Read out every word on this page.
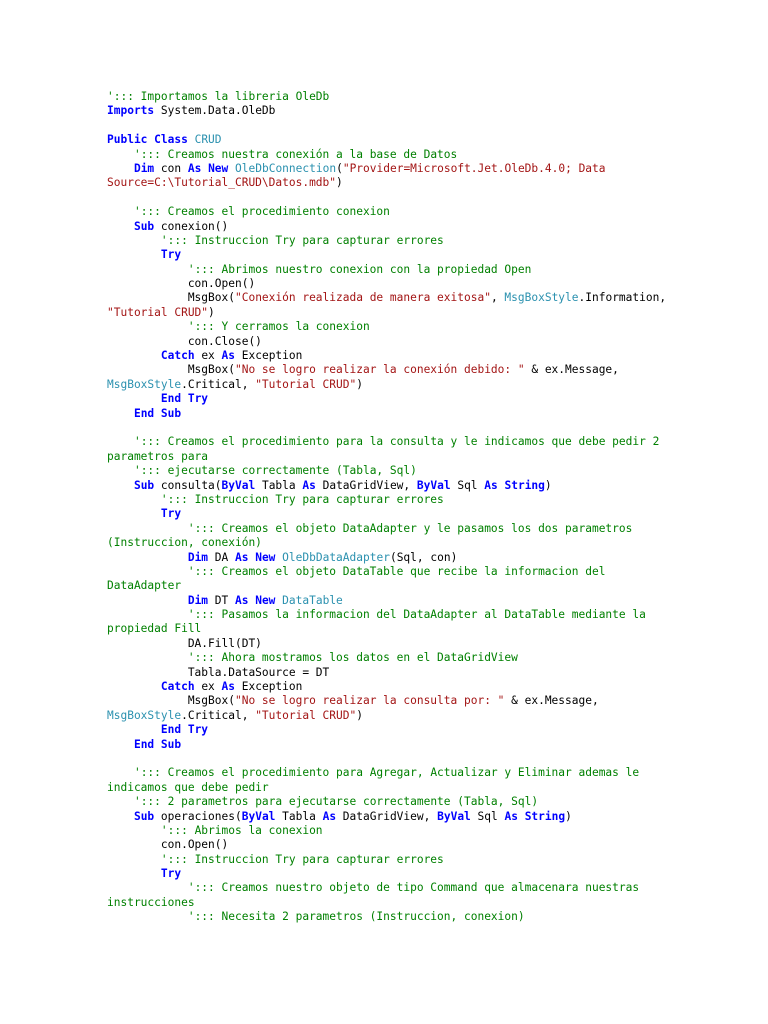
'::: Importamos la libreria OleDb
Imports System.Data.OleDb
Public Class CRUD
'::: Creamos nuestra conexión a la base de Datos
Dim con As New OleDbConnection("Provider=Microsoft.Jet.OleDb.4.0; Data
Source=C:\Tutorial_CRUD\Datos.mdb")
'::: Creamos el procedimiento conexion
Sub conexion()
'::: Instruccion Try para capturar errores
Try
'::: Abrimos nuestro conexion con la propiedad Open
con.Open()
MsgBox("Conexión realizada de manera exitosa", MsgBoxStyle.Information,
"Tutorial CRUD")
'::: Y cerramos la conexion
con.Close()
Catch ex As Exception
MsgBox("No se logro realizar la conexión debido: " & ex.Message,
MsgBoxStyle.Critical, "Tutorial CRUD")
End Try
End Sub
'::: Creamos el procedimiento para la consulta y le indicamos que debe pedir 2
parametros para
'::: ejecutarse correctamente (Tabla, Sql)
Sub consulta(ByVal Tabla As DataGridView, ByVal Sql As String)
'::: Instruccion Try para capturar errores
Try
'::: Creamos el objeto DataAdapter y le pasamos los dos parametros
(Instruccion, conexión)
Dim DA As New OleDbDataAdapter(Sql, con)
'::: Creamos el objeto DataTable que recibe la informacion del
DataAdapter
Dim DT As New DataTable
'::: Pasamos la informacion del DataAdapter al DataTable mediante la
propiedad Fill
DA.Fill(DT)
'::: Ahora mostramos los datos en el DataGridView
Tabla.DataSource = DT
Catch ex As Exception
MsgBox("No se logro realizar la consulta por: " & ex.Message,
MsgBoxStyle.Critical, "Tutorial CRUD")
End Try
End Sub
'::: Creamos el procedimiento para Agregar, Actualizar y Eliminar ademas le
indicamos que debe pedir
'::: 2 parametros para ejecutarse correctamente (Tabla, Sql)
Sub operaciones(ByVal Tabla As DataGridView, ByVal Sql As String)
'::: Abrimos la conexion
con.Open()
'::: Instruccion Try para capturar errores
Try
'::: Creamos nuestro objeto de tipo Command que almacenara nuestras
instrucciones
'::: Necesita 2 parametros (Instruccion, conexion)
